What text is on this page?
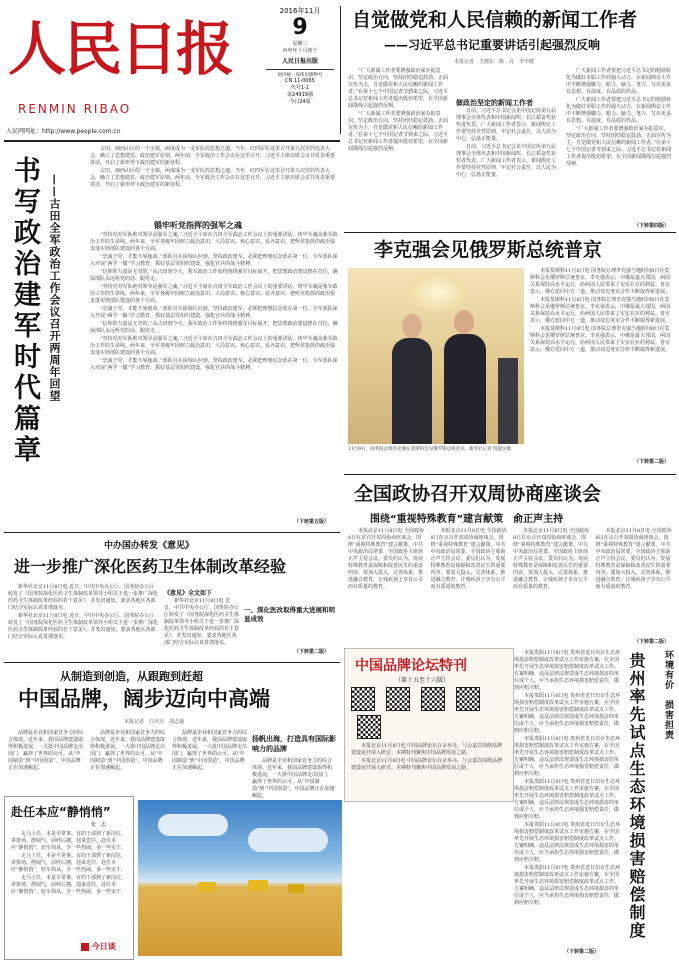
人民日报
RENMIN RIBAO
人民网网址：http://www.people.com.cn
2016年11月
9
星期三
丙申年十月初十
人民日报出版
国内统一连续出版物号
CN 11-0065
代号1-1
第24919期
今日24版
自觉做党和人民信赖的新闻工作者
——习近平总书记重要讲话引起强烈反响
本报记者　王晓东　陈　亮　李丰健

“广大新闻工作者要增强政治家办报意识，坚定政治方向，坚持团结稳定鼓劲、正面宣传为主，自觉做党和人民信赖的新闻工作者。”在第十七个中国记者节到来之际，习近平总书记对新闻工作者提出殷切希望，在全国新闻战线引起强烈反响。

“广大新闻工作者要增强政治家办报意识，坚定政治方向，坚持团结稳定鼓劲、正面宣传为主，自觉做党和人民信赖的新闻工作者。”在第十七个中国记者节到来之际，习近平总书记对新闻工作者提出殷切希望，在全国新闻战线引起强烈反响。

做政治坚定的新闻工作者

日前，习近平总书记会见中国记协第九届理事会全体代表和中国新闻奖、长江韬奋奖获奖者代表。广大新闻工作者表示，新闻舆论工作要坚持党性原则，牢记社会责任，以人民为中心，弘扬正能量。

日前，习近平总书记会见中国记协第九届理事会全体代表和中国新闻奖、长江韬奋奖获奖者代表。广大新闻工作者表示，新闻舆论工作要坚持党性原则，牢记社会责任，以人民为中心，弘扬正能量。

广大新闻工作者要把习近平总书记的勉励转化为做好本职工作的强大动力，在新闻舆论工作中不断增强脚力、眼力、脑力、笔力，写出更多有思想、有温度、有品质的作品。

广大新闻工作者要把习近平总书记的勉励转化为做好本职工作的强大动力，在新闻舆论工作中不断增强脚力、眼力、脑力、笔力，写出更多有思想、有温度、有品质的作品。

“广大新闻工作者要增强政治家办报意识，坚定政治方向，坚持团结稳定鼓劲、正面宣传为主，自觉做党和人民信赖的新闻工作者。”在第十七个中国记者节到来之际，习近平总书记对新闻工作者提出殷切希望，在全国新闻战线引起强烈反响。

（下转第四版）
书写政治建军时代篇章 ——古田全军政治工作会议召开两周年回望

古田，闽西山区的一个小镇，两度成为一支军队的思想之地。当年，红四军在这里召开第九次党的代表大会，确立了思想建党、政治建军原则。两年前，全军政治工作会议在这里召开，习近平主席出席会议并发表重要讲话，开启了新形势下政治建军的新征程。

古田，闽西山区的一个小镇，两度成为一支军队的思想之地。当年，红四军在这里召开第九次党的代表大会，确立了思想建党、政治建军原则。两年前，全军政治工作会议在这里召开，习近平主席出席会议并发表重要讲话，开启了新形势下政治建军的新征程。

锻牢听党指挥的强军之魂

“坚持党对军队绝对领导是强军之魂。”习近平主席在古田全军政治工作会议上的重要讲话，铸牢军魂是我军政治工作的生命线。两年来，全军各级牢固树立政治意识、大局意识、核心意识、看齐意识，把听党指挥的政治要求落实到部队建设的各个方面。

“忠诚于党，才能不辱使命。”部队官兵深刻认识到，坚持政治建军，必须把理想信念放在第一位。全军部队深入开展“两学一做”学习教育，抓好基层党组织建设，强化官兵的战斗精神。

“信仰的力量是无穷的。”从古田到今天，我军政治工作始终围绕强军目标展开，把思想政治建设摆在首位，确保部队永远听党的话、跟党走。

“坚持党对军队绝对领导是强军之魂。”习近平主席在古田全军政治工作会议上的重要讲话，铸牢军魂是我军政治工作的生命线。两年来，全军各级牢固树立政治意识、大局意识、核心意识、看齐意识，把听党指挥的政治要求落实到部队建设的各个方面。

“忠诚于党，才能不辱使命。”部队官兵深刻认识到，坚持政治建军，必须把理想信念放在第一位。全军部队深入开展“两学一做”学习教育，抓好基层党组织建设，强化官兵的战斗精神。

“信仰的力量是无穷的。”从古田到今天，我军政治工作始终围绕强军目标展开，把思想政治建设摆在首位，确保部队永远听党的话、跟党走。

“坚持党对军队绝对领导是强军之魂。”习近平主席在古田全军政治工作会议上的重要讲话，铸牢军魂是我军政治工作的生命线。两年来，全军各级牢固树立政治意识、大局意识、核心意识、看齐意识，把听党指挥的政治要求落实到部队建设的各个方面。

“忠诚于党，才能不辱使命。”部队官兵深刻认识到，坚持政治建军，必须把理想信念放在第一位。全军部队深入开展“两学一做”学习教育，抓好基层党组织建设，强化官兵的战斗精神。

（下转第五版）
李克强会见俄罗斯总统普京
11月8日，国务院总理李克强在莫斯科会见俄罗斯总统普京。新华社记者 饶爱民摄

本报莫斯科11月8日电 国务院总理李克强当地时间8日在莫斯科会见俄罗斯总统普京。李克强表示，中俄是最大邻国，两国关系保持高水平运行，给两国人民带来了实实在在的利益。普京表示，俄方愿同中方一道，推动双边务实合作不断取得新进展。

本报莫斯科11月8日电 国务院总理李克强当地时间8日在莫斯科会见俄罗斯总统普京。李克强表示，中俄是最大邻国，两国关系保持高水平运行，给两国人民带来了实实在在的利益。普京表示，俄方愿同中方一道，推动双边务实合作不断取得新进展。

本报莫斯科11月8日电 国务院总理李克强当地时间8日在莫斯科会见俄罗斯总统普京。李克强表示，中俄是最大邻国，两国关系保持高水平运行，给两国人民带来了实实在在的利益。普京表示，俄方愿同中方一道，推动双边务实合作不断取得新进展。

（下转第二版）
全国政协召开双周协商座谈会
围绕“重视特殊教育”建言献策　俞正声主持

本报北京11月8日电 全国政协8日在京召开双周协商座谈会，围绕“重视特殊教育”建言献策。中共中央政治局常委、全国政协主席俞正声主持会议。委员们认为，发展特殊教育是保障和改善民生的重要内容，要加大投入，完善体系，推进融合教育，让残疾孩子享有公平而有质量的教育。

本报北京11月8日电 全国政协8日在京召开双周协商座谈会，围绕“重视特殊教育”建言献策。中共中央政治局常委、全国政协主席俞正声主持会议。委员们认为，发展特殊教育是保障和改善民生的重要内容，要加大投入，完善体系，推进融合教育，让残疾孩子享有公平而有质量的教育。

本报北京11月8日电 全国政协8日在京召开双周协商座谈会，围绕“重视特殊教育”建言献策。中共中央政治局常委、全国政协主席俞正声主持会议。委员们认为，发展特殊教育是保障和改善民生的重要内容，要加大投入，完善体系，推进融合教育，让残疾孩子享有公平而有质量的教育。

本报北京11月8日电 全国政协8日在京召开双周协商座谈会，围绕“重视特殊教育”建言献策。中共中央政治局常委、全国政协主席俞正声主持会议。委员们认为，发展特殊教育是保障和改善民生的重要内容，要加大投入，完善体系，推进融合教育，让残疾孩子享有公平而有质量的教育。

（下转第二版）
中办国办转发《意见》
进一步推广深化医药卫生体制改革经验

新华社北京11月8日电 近日，中共中央办公厅、国务院办公厅转发了《国务院深化医药卫生体制改革领导小组关于进一步推广深化医药卫生体制改革经验的若干意见》，并发出通知，要求各地区各部门结合实际认真贯彻落实。

新华社北京11月8日电 近日，中共中央办公厅、国务院办公厅转发了《国务院深化医药卫生体制改革领导小组关于进一步推广深化医药卫生体制改革经验的若干意见》，并发出通知，要求各地区各部门结合实际认真贯彻落实。

《意见》全文如下
一、深化医改取得重大进展和明显成效

新华社北京11月8日电 近日，中共中央办公厅、国务院办公厅转发了《国务院深化医药卫生体制改革领导小组关于进一步推广深化医药卫生体制改革经验的若干意见》，并发出通知，要求各地区各部门结合实际认真贯彻落实。

（下转第二版）
从制造到创造，从跟跑到赶超
中国品牌，阔步迈向中高端
本报记者　白天亮　刘志强

品牌是企业和国家竞争力的综合体现。近年来，我国品牌建设取得积极进展，一大批中国品牌走出国门，赢得了世界的认可。从“中国制造”到“中国创造”，中国品牌正在加速崛起。

品牌是企业和国家竞争力的综合体现。近年来，我国品牌建设取得积极进展，一大批中国品牌走出国门，赢得了世界的认可。从“中国制造”到“中国创造”，中国品牌正在加速崛起。

品牌是企业和国家竞争力的综合体现。近年来，我国品牌建设取得积极进展，一大批中国品牌走出国门，赢得了世界的认可。从“中国制造”到“中国创造”，中国品牌正在加速崛起。

扬帆出海，打造具有国际影响力的品牌

品牌是企业和国家竞争力的综合体现。近年来，我国品牌建设取得积极进展，一大批中国品牌走出国门，赢得了世界的认可。从“中国制造”到“中国创造”，中国品牌正在加速崛起。

中国品牌论坛特刊
（第十五至十六版）

本报北京11月8日电 中国品牌论坛在京举办，与会嘉宾围绕品牌建设展开深入研讨。本期特刊聚焦中国品牌发展之路。

本报北京11月8日电 中国品牌论坛在京举办，与会嘉宾围绕品牌建设展开深入研讨。本期特刊聚焦中国品牌发展之路。

本报贵阳11月8日电 贵州省近日出台生态环境损害赔偿制度改革试点工作实施方案，在全国率先开展生态环境损害赔偿制度改革试点工作。方案明确，违反法律法规造成生态环境损害的单位或个人，应当承担生态环境损害赔偿责任，做到应赔尽赔。

本报贵阳11月8日电 贵州省近日出台生态环境损害赔偿制度改革试点工作实施方案，在全国率先开展生态环境损害赔偿制度改革试点工作。方案明确，违反法律法规造成生态环境损害的单位或个人，应当承担生态环境损害赔偿责任，做到应赔尽赔。

本报贵阳11月8日电 贵州省近日出台生态环境损害赔偿制度改革试点工作实施方案，在全国率先开展生态环境损害赔偿制度改革试点工作。方案明确，违反法律法规造成生态环境损害的单位或个人，应当承担生态环境损害赔偿责任，做到应赔尽赔。

本报贵阳11月8日电 贵州省近日出台生态环境损害赔偿制度改革试点工作实施方案，在全国率先开展生态环境损害赔偿制度改革试点工作。方案明确，违反法律法规造成生态环境损害的单位或个人，应当承担生态环境损害赔偿责任，做到应赔尽赔。

本报贵阳11月8日电 贵州省近日出台生态环境损害赔偿制度改革试点工作实施方案，在全国率先开展生态环境损害赔偿制度改革试点工作。方案明确，违反法律法规造成生态环境损害的单位或个人，应当承担生态环境损害赔偿责任，做到应赔尽赔。

本报贵阳11月8日电 贵州省近日出台生态环境损害赔偿制度改革试点工作实施方案，在全国率先开展生态环境损害赔偿制度改革试点工作。方案明确，违反法律法规造成生态环境损害的单位或个人，应当承担生态环境损害赔偿责任，做到应赔尽赔。

环境有价　损害担责
贵州率先试点生态环境损害赔偿制度
（下转第二版）
赴任本应“静悄悄”
张　志

走马上任，本是平常事。有的干部到了新岗位，讲排场、摆阔气，前呼后拥，迎来送往。赴任本应“静悄悄”，轻车简从，少一些热闹，多一些实干。

走马上任，本是平常事。有的干部到了新岗位，讲排场、摆阔气，前呼后拥，迎来送往。赴任本应“静悄悄”，轻车简从，少一些热闹，多一些实干。

走马上任，本是平常事。有的干部到了新岗位，讲排场、摆阔气，前呼后拥，迎来送往。赴任本应“静悄悄”，轻车简从，少一些热闹，多一些实干。

今日谈
